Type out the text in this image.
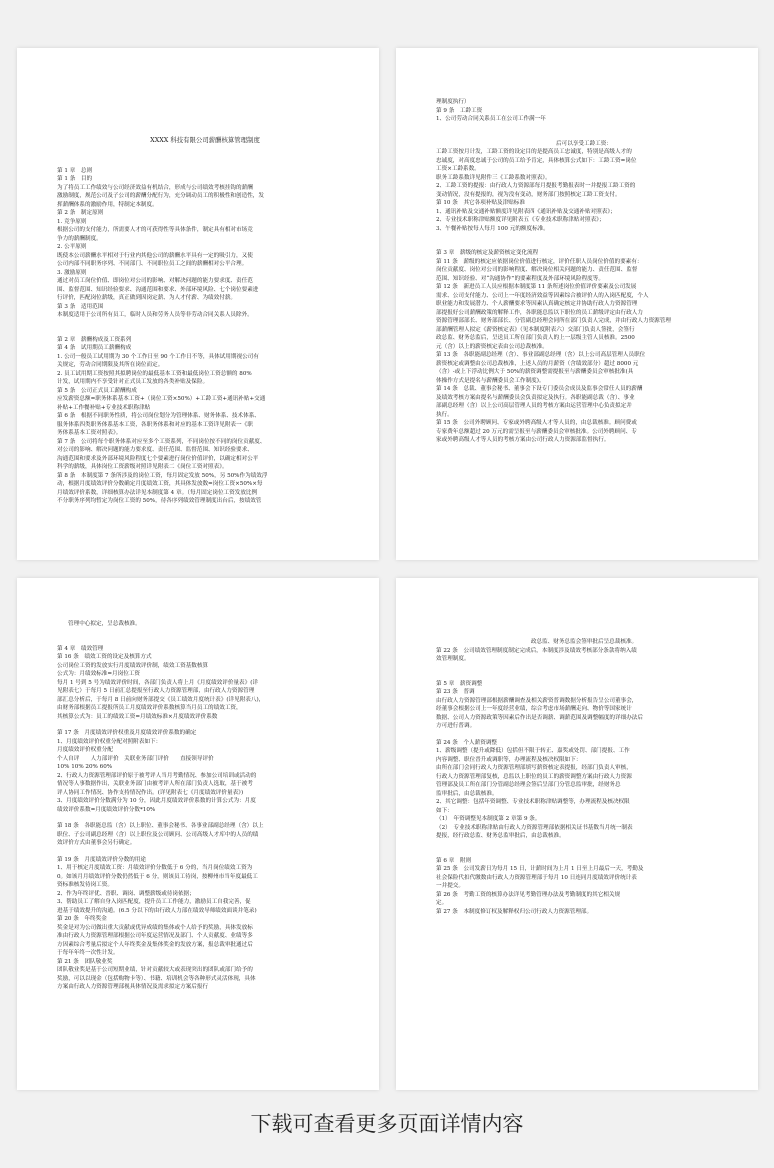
XXXX 科技有限公司薪酬核算管理制度
第 1 章　总则
第 1 条　目的
为了将员工工作绩效与公司经济效益有机结合，形成与公司绩效考核挂钩的薪酬
激励制度，规范公司及子公司的薪酬分配行为，充分调动员工的积极性和创造性，发
挥薪酬体系的激励作用，特制定本制度。
第 2 条　制定原则
1. 竞争原则
根据公司的支付能力，所需要人才的可获得性等具体条件，制定具有相对市场竞
争力的薪酬制度。
2. 公平原则
既使本公司薪酬水平相对于行业内其他公司的薪酬水平具有一定的吸引力，又使
公司内部不同职务序列、不同部门、不同职位员工之间的薪酬相对公平合理。
3. 激励原则
通过对员工岗位价值、即岗位对公司的影响、对解决问题的能力要求度、责任范
围、监督范围、知识经验要求、沟通范围和要求、外部环境风险、七个岗位要素进
行评价，匹配岗位薪级，真正做到因岗定薪、为人才付薪、为绩效付薪。
第 3 条　适用范围
本制度适用于公司所有员工，临时人员和劳务人员等非劳动合同关系人员除外。
第 2 章　薪酬构成及工资系列
第 4 条　试用期员工薪酬构成
1. 公司一般员工试用期为 30 个工作日至 90 个工作日不等，具体试用期视公司有
关规定，劳动合同期限及其所在岗位而定。
2. 员工试用期工资按照其拟聘岗位的最低基本工资和最低岗位工资总额的 80%
计发，试用期内不享受针对正式员工发放的各类补贴及保险。
第 5 条　公司正式员工薪酬构成
应发薪资总额=职务体系基本工资+（岗位工资×50%）+工龄工资+通讯补贴+交通
补贴+工作餐补贴+专业技术职称津贴
第 6 条　根据不同职务性质，将公司岗位划分为管理体系、财务体系、技术体系、
服务体系四类职务体系基本工资，各职务体系和对应的基本工资详见附表一《职
务体系基本工资对照表》。
第 7 条　公司将每个职务体系对应至多个工资系列，不同岗位按不同的岗位贡献度、
对公司的影响、解决问题的能力要求度、责任范围、监督范围、知识经验要求、
沟通范围和要求及外部环境风险程度七个要素进行岗位价值评价，以确定相对公平
科学的薪级，具体岗位工资薪级对照详见附表二《岗位工资对照表》。
第 8 条　本制度第 7 条所涉及的岗位工资，每月固定发放 50%，另 50%作为绩效浮
动，根据月度绩效评价分数确定月度绩效工资，其具体发放数=岗位工资×50%×每
月绩效评价系数，详细核算办法详见本制度第 4 章。（每月固定岗位工资发放比例
不分职务序列均暂定为岗位工资的 50%，待各序列绩效管理制度出台后，按绩效管
理制度执行）
第 9 条　工龄工资
1、公司劳动合同关系员工在公司工作满一年
后可以享受工龄工资：
工龄工资按月计发，工龄工资的设定目的是提高员工忠诚度，特别是高级人才的
忠诚度，对高度忠诚于公司的员工给予肯定，具体核算公式如下：工龄工资=岗位
工资×工龄系数。
职务工龄系数详见附件三《工龄系数对照表》。
2、工龄工资的提报：由行政人力资源部每月提报考勤报表时一并提报工龄工资的
变动情况，没有提报的，视为没有变动，财务部门按照核定工龄工资支付。
第 10 条　其它各项补贴及津贴标准
1、通讯补贴及交通补贴额度详见附表四《通讯补贴及交通补贴对照表》；
2、专业技术职称津贴额度详见附表五《专业技术职称津贴对照表》；
3、午餐补贴按每人每月 100 元的额度标准。
第 3 章　薪级的核定及薪资核定变化流程
第 11 条　薪级的核定应依据岗位价值进行核定，评价任职人员岗位价值的要素有：
岗位贡献度、岗位对公司的影响程度、解决岗位相关问题的能力、责任范围、监督
范围、知识经验、对“沟通协作”的要素程度及外部环境风险程度等。
第 12 条　新进员工人员应根据本制度第 11 条所述岗位价值评价要素及公司发展
需求、公司支付能力、公司上一年度经济效益等因素综合被评价人的入岗匹配度，个人
职业能力和发展潜力、个人薪酬要求等因素认真确定核定并协助行政人力资源管理
部提报好公司薪酬政策的解释工作，各职能总监以下职位的员工薪级评定由行政人力
资源管理部部长、财务部部长、分管副总经理会同所在部门负责人完成，并由行政人力资源管理
部薪酬管理人拟定《薪资核定表》（见本制度附表六）交部门负责人签批，会签行
政总监、财务总监后，呈送员工所在部门负责人的上一层级主管人员核准。2500
元（含）以上的薪资核定表由公司总裁核准。
第 13 条　各职能副总经理（含）、事业部副总经理（含）以上公司高层管理人员职位
薪资核定或调整由公司总裁核准，上述人员的月薪资（含绩效部分）超过 8000 元
（含）-或上下浮动比例大于 50%的薪资调整需提报至与薪酬委员会审核批准(具
体操作方式是提名与薪酬委员会工作制度)。
第 14 条　总裁、董事会秘书、董事会下设专门委员会成员及监事会常任人员的薪酬
及绩效考核方案由提名与薪酬委员会负责拟定及执行。各职能副总裁（含）、事业
部副总经理（含）以上公司高层管理人员的考核方案由运营管理中心负责拟定并
执行。
第 15 条　公司外聘顾问、专家或外聘高级人才等人员的，由总裁核准。顾问费或
专家费年总额超过 20 万元的需呈报至与薪酬委员会审核批准。公司外聘顾问、专
家或外聘高级人才等人员的考核方案由公司行政人力资源部监督执行。
管理中心拟定，呈总裁核准。
第 4 章　绩效管理
第 16 条　绩效工资的设定及核算方式
公司岗位工资的发放实行月度绩效评价制，绩效工资基数核算
公式为：月绩效标准=月岗位工资
每月 1 号到 5 号为绩效评价时间，各部门负责人将上月《月度绩效评价量表》(详
见附表七）于每月 5 日前汇总提报至行政人力资源管理部，由行政人力资源管理
部汇总分析后，于每月 8 日前向财务部提交《员工绩效月度统计表》(详见附表八)，
由财务部根据员工提报所员工月度绩效评价系数核算当月员工的绩效工资，
其核算公式为：员工的绩效工资=月绩效标准×月度绩效评价系数
第 17 条　月度绩效评价权重及月度绩效评价系数的确定
1、月度绩效评价权重分配对照附表如下：
月度绩效评价权重分配
个人自评　　人力部评价　关联业务部门评价　　直接领导评价
10% 10% 20% 60%
2、行政人力资源管理部评价原于被考评人当月考勤情况、参加公司培训或活动的
情况等人事数据作出，关联业务部门由被考评人所在部门负责人选取，基于被考
评人协同工作情况、协作支持情况作出。(详见附表七《月度绩效评价量表》)
3、月度绩效评价分数满分为 10 分，因此月度绩效评价系数的计算公式为：月度
绩效评价系数=月度绩效评价分数*10%
第 18 条　各职能总监（含）以上职位、董事会秘书、各事业部副总经理（含）以上
职位、子公司副总经理（含）以上职位及公司顾问、公司高级人才库中的人员的绩
效评价方式由董事会另行确定。
第 19 条　月度绩效评价分数的用途
1、用于核定月度绩效工资：月绩效评价分数低于 6 分的，当月岗位绩效工资为
0。如该月月绩效评价分数仍然低于 6 分，则该员工待岗，按柳州市当年度最低工
资标准核发待岗工资。
2、作为年终评优、晋职、调岗、调整薪级或待岗依据；
3、帮助员工了解自身入岗匹配度，提升员工工作能力，激励员工自我完善，促
进基于绩效提升的沟通。(6.5 分以下的由行政人力部在绩效导师绩效面谈并笔录)
第 20 条　年终奖金
奖金是对为公司做出重大贡献或优异成绩的集体或个人给予的奖励，具体发放标
准由行政人力资源管理部根据公司年度运营情况及部门、个人贡献度、业绩等多
方因素综合考量后拟定个人年终奖金及集体奖金的发放方案，报总裁审批通过后
于每年年终一次性计发。
第 21 条　团队敬业奖
团队敬业奖是基于公司短期业绩，针对贡献较大或表现突出的团队或部门给予的
奖励，可以以现金（包括购物卡等）、书籍、培训机会等各种形式灵活体现，具体
方案由行政人力资源管理部视具体情况及需求拟定方案后报行
政总监、财务总监会签审批后呈总裁核准。
第 22 条　公司绩效管理制度制定完成后，本制度涉及绩效考核部分条款将纳入绩
效管理制度。
第 5 章　薪资调整
第 23 条　普调
由行政人力资源管理部根据薪酬调查及相关薪资普调数据分析报告呈公司董事会，
经董事会根据公司上一年度经营业绩，综合考虑市场薪酬走向、物价等国家统计
数据、公司人力资源政策等因素后作出是否调薪、调薪范围及调整幅度的详细办法后
方可进行普调。
第 24 条　个人薪资调整
1、薪级调整（提升或降低）包括但不限于转正、嘉奖或处罚、部门提报、工作
内容调整、职位晋升或调职等，办理流程及核决权限如下：
由所在部门会同行政人力资源管理部填写薪资核定表提报，经部门负责人审核，
行政人力资源管理部复核，总监以上职位的员工的薪资调整方案由行政人力资源
管理部及员工所在部门分管副总经理会签后呈部门分管总监审批，经财务总
监审批后，由总裁核准。
2、其它调整：包括年资调整、专业技术职称津贴调整等，办理流程及核决权限
如下：
（1）　年资调整见本制度第 2 章第 9 条。
（2）　专业技术职称津贴由行政人力资源管理部依据相关证书基数当月统一制表
提报，经行政总监、财务总监审批后，由总裁核准。
第 6 章　附则
第 25 条　公司发薪日为每月 15 日，计薪时间为上月 1 日至上月最后一天，考勤及
社会保险代扣代缴数由行政人力资源管理部于每月 10 日连同月度绩效评价统计表
一并提交。
第 26 条　考勤工资的核算办法详见考勤管理办法及考勤制度的其它相关规
定。
第 27 条　本制度修订权及解释权归公司行政人力资源管理部。
下载可查看更多页面详情内容
